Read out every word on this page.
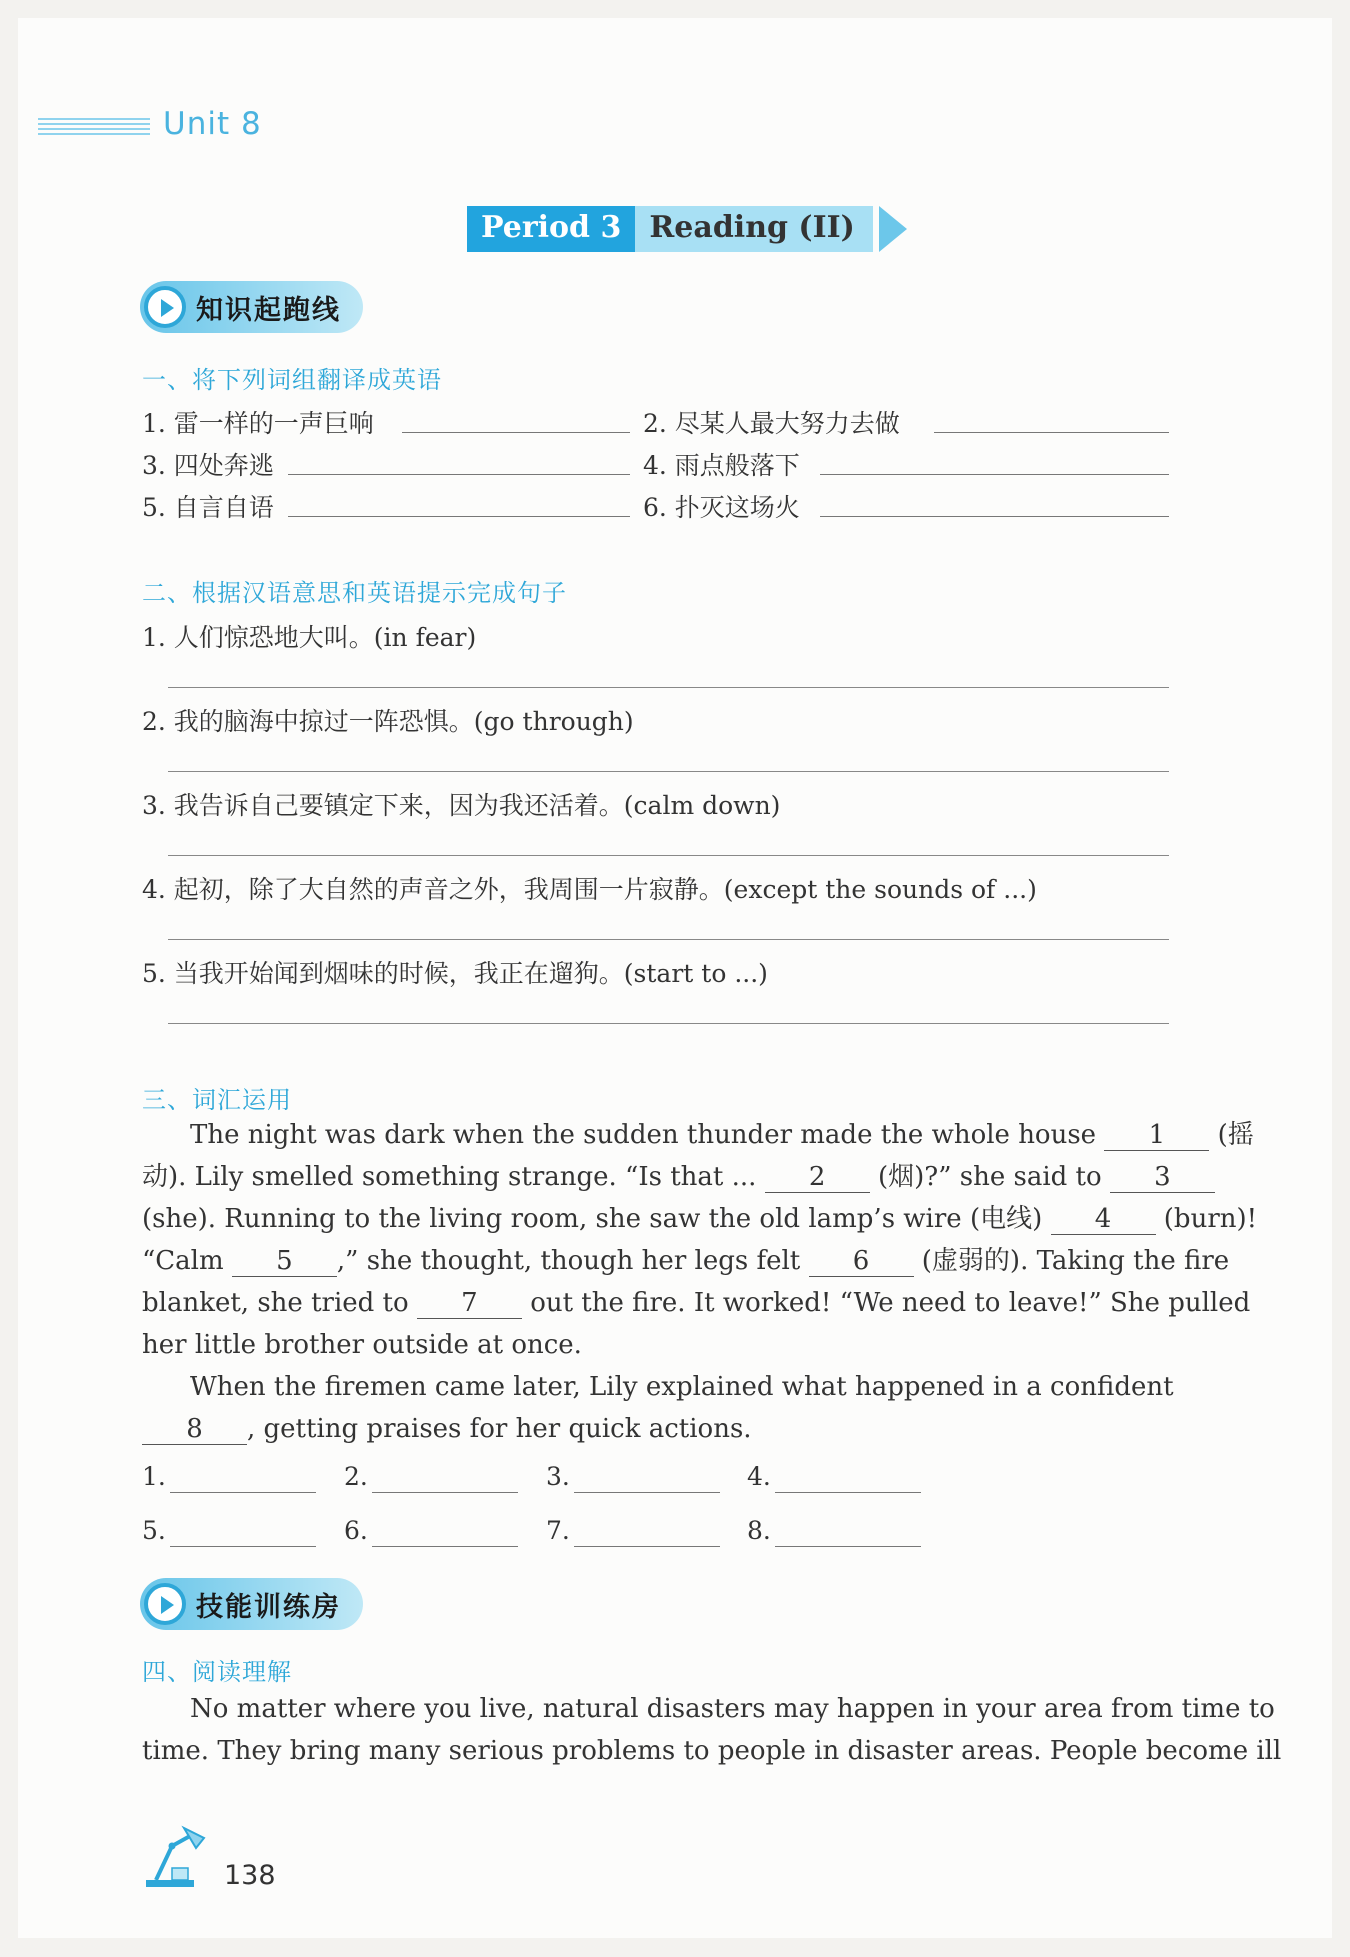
Unit 8
Period 3 Reading (II)
知识起跑线
一、将下列词组翻译成英语
1. 雷一样的一声巨响	2. 尽某人最大努力去做
3. 四处奔逃	4. 雨点般落下
5. 自言自语	6. 扑灭这场火
二、根据汉语意思和英语提示完成句子
1. 人们惊恐地大叫。(in fear)
2. 我的脑海中掠过一阵恐惧。(go through)
3. 我告诉自己要镇定下来，因为我还活着。(calm down)
4. 起初，除了大自然的声音之外，我周围一片寂静。(except the sounds of ...)
5. 当我开始闻到烟味的时候，我正在遛狗。(start to ...)
三、词汇运用
The night was dark when the sudden thunder made the whole house 1 (摇
动). Lily smelled something strange. “Is that ... 2 (烟)?” she said to 3
(she). Running to the living room, she saw the old lamp’s wire (电线) 4 (burn)!
“Calm 5 ,” she thought, though her legs felt 6 (虚弱的). Taking the fire
blanket, she tried to 7 out the fire. It worked! “We need to leave!” She pulled
her little brother outside at once.
When the firemen came later, Lily explained what happened in a confident
8 , getting praises for her quick actions.
1.	2.	3.	4.
5.	6.	7.	8.
技能训练房
四、阅读理解
No matter where you live, natural disasters may happen in your area from time to
time. They bring many serious problems to people in disaster areas. People become ill
138
